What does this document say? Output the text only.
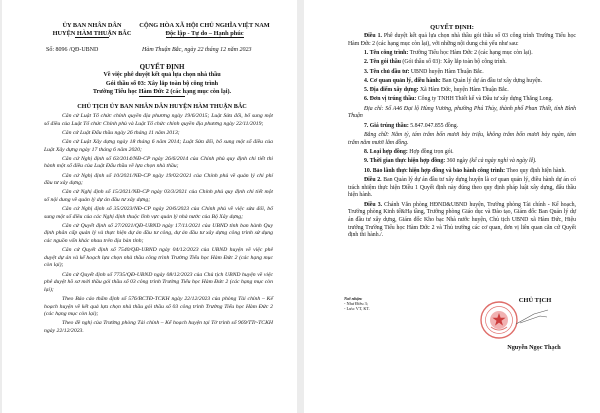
ỦY BAN NHÂN DÂN
HUYỆN HÀM THUẬN BẮC
CỘNG HÒA XÃ HỘI CHỦ NGHĨA VIỆT NAM
Độc lập - Tự do – Hạnh phúc
Số: 8096 /QĐ-UBND	Hàm Thuận Bắc, ngày 22 tháng 12 năm 2023
QUYẾT ĐỊNH
Về việc phê duyệt kết quả lựa chọn nhà thầu
Gói thầu số 03: Xây lắp toàn bộ công trình
Trường Tiểu học Hàm Đức 2 (các hạng mục còn lại).
CHỦ TỊCH ỦY BAN NHÂN DÂN HUYỆN HÀM THUẬN BẮC

Căn cứ Luật Tổ chức chính quyền địa phương ngày 19/6/2015; Luật Sửa đổi, bổ sung một số điều của Luật Tổ chức Chính phủ và Luật Tổ chức chính quyền địa phương ngày 22/11/2019;

Căn cứ Luật Đấu thầu ngày 26 tháng 11 năm 2013;

Căn cứ Luật Xây dựng ngày 18 tháng 6 năm 2014; Luật Sửa đổi, bổ sung một số điều của Luật Xây dựng ngày 17 tháng 6 năm 2020;

Căn cứ Nghị định số 63/2014/NĐ-CP ngày 26/6/2014 của Chính phủ quy định chi tiết thi hành một số điều của Luật Đấu thầu về lựa chọn nhà thầu;

Căn cứ Nghị định số 10/2021/NĐ-CP ngày 19/02/2021 của Chính phủ về quản lý chi phí đầu tư xây dựng;

Căn cứ Nghị định số 15/2021/NĐ-CP ngày 03/3/2021 của Chính phủ quy định chi tiết một số nội dung về quản lý dự án đầu tư xây dựng;

Căn cứ Nghị định số 35/2023/NĐ-CP ngày 20/6/2023 của Chính phủ về việc sửa đổi, bổ sung một số điều của các Nghị định thuộc lĩnh vực quản lý nhà nước của Bộ Xây dựng;

Căn cứ Quyết định số 27/2021/QĐ-UBND ngày 17/11/2021 của UBND tỉnh ban hành Quy định phân cấp quản lý và thực hiện dự án đầu tư công, dự án đầu tư xây dựng công trình sử dụng các nguồn vốn khác nhau trên địa bàn tỉnh;

Căn cứ Quyết định số 7540/QĐ-UBND ngày 04/12/2023 của UBND huyện về việc phê duyệt dự án và kế hoạch lựa chọn nhà thầu công trình Trường Tiểu học Hàm Đức 2 (các hạng mục còn lại);

Căn cứ Quyết định số 7735/QĐ-UBND ngày 08/12/2023 của Chủ tịch UBND huyện về việc phê duyệt hồ sơ mời thầu gói thầu số 03 công trình Trường Tiểu học Hàm Đức 2 (các hạng mục còn lại);

Theo Báo cáo thẩm định số 576/BCTĐ-TCKH ngày 22/12/2023 của phòng Tài chính – Kế hoạch huyện về kết quả lựa chọn nhà thầu gói thầu số 03 công trình Trường Tiểu học Hàm Đức 2 (các hạng mục còn lại);

Theo đề nghị của Trưởng phòng Tài chính – Kế hoạch huyện tại Tờ trình số 969/TTr-TCKH ngày 22/12/2023.

QUYẾT ĐỊNH:

Điều 1. Phê duyệt kết quả lựa chọn nhà thầu gói thầu số 03 công trình Trường Tiểu học Hàm Đức 2 (các hạng mục còn lại), với những nội dung chủ yếu như sau:

1. Tên công trình: Trường Tiểu học Hàm Đức 2 (các hạng mục còn lại).

2. Tên gói thầu (Gói thầu số 03): Xây lắp toàn bộ công trình.

3. Tên chủ đầu tư: UBND huyện Hàm Thuận Bắc.

4. Cơ quan quản lý, điều hành: Ban Quản lý dự án đầu tư xây dựng huyện.

5. Địa điểm xây dựng: Xã Hàm Đức, huyện Hàm Thuận Bắc.

6. Đơn vị trúng thầu: Công ty TNHH Thiết kế và Đầu tư xây dựng Thăng Long.

Địa chỉ: Số A46 Đại lộ Hùng Vương, phường Phú Thủy, thành phố Phan Thiết, tỉnh Bình Thuận

7. Giá trúng thầu: 5.847.047.855 đồng.

Bằng chữ: Năm tỷ, tám trăm bốn mươi bảy triệu, không trăm bốn mươi bảy ngàn, tám trăm năm mươi lăm đồng.

8. Loại hợp đồng: Hợp đồng trọn gói.

9. Thời gian thực hiện hợp đồng: 360 ngày (kể cả ngày nghỉ và ngày lễ).

10. Bảo lãnh thực hiện hợp đồng và bảo hành công trình: Theo quy định hiện hành.

Điều 2. Ban Quản lý dự án đầu tư xây dựng huyện là cơ quan quản lý, điều hành dự án có trách nhiệm thực hiện Điều 1 Quyết định này đúng theo quy định pháp luật xây dựng, đấu thầu hiện hành.

Điều 3. Chánh Văn phòng HĐND&UBND huyện, Trưởng phòng Tài chính - Kế hoạch, Trưởng phòng Kinh tế&Hạ tầng, Trưởng phòng Giáo dục và Đào tạo, Giám đốc Ban Quản lý dự án đầu tư xây dựng, Giám đốc Kho bạc Nhà nước huyện, Chủ tịch UBND xã Hàm Đức, Hiệu trưởng Trường Tiểu học Hàm Đức 2 và Thủ trưởng các cơ quan, đơn vị liên quan căn cứ Quyết định thi hành./.

Nơi nhận:
- Như Điều 3;
- Lưu: VT, KT.
CHỦ TỊCH
Nguyễn Ngọc Thạch
